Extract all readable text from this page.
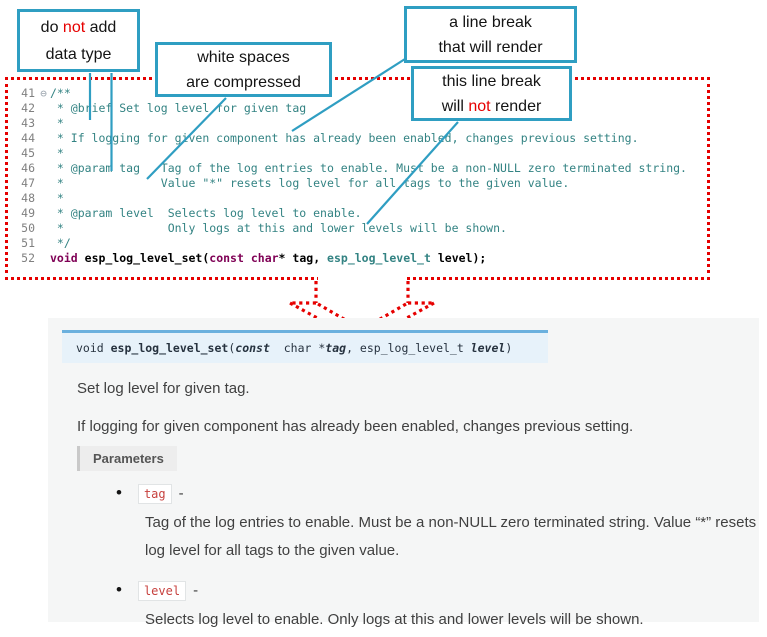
41 ⊖ /**
42  * @brief Set log level for given tag
43  *
44  * If logging for given component has already been enabled, changes previous setting.
45  *
46  * @param tag   Tag of the log entries to enable. Must be a non-NULL zero terminated string.
47  *              Value "*" resets log level for all tags to the given value.
48  *
49  * @param level  Selects log level to enable.
50  *               Only logs at this and lower levels will be shown.
51  */
52 void esp_log_level_set(const char* tag, esp_log_level_t level);
do not add
data type	white spaces
are compressed
a line break
that will render
this line break
will not render
void esp_log_level_set ( const char * tag , esp_log_level_t level )

Set log level for given tag.

If logging for given component has already been enabled, changes previous setting.

Parameters
• tag -
Tag of the log entries to enable. Must be a non-NULL zero terminated string. Value “*” resets log level for all tags to the given value.
• level -
Selects log level to enable. Only logs at this and lower levels will be shown.
